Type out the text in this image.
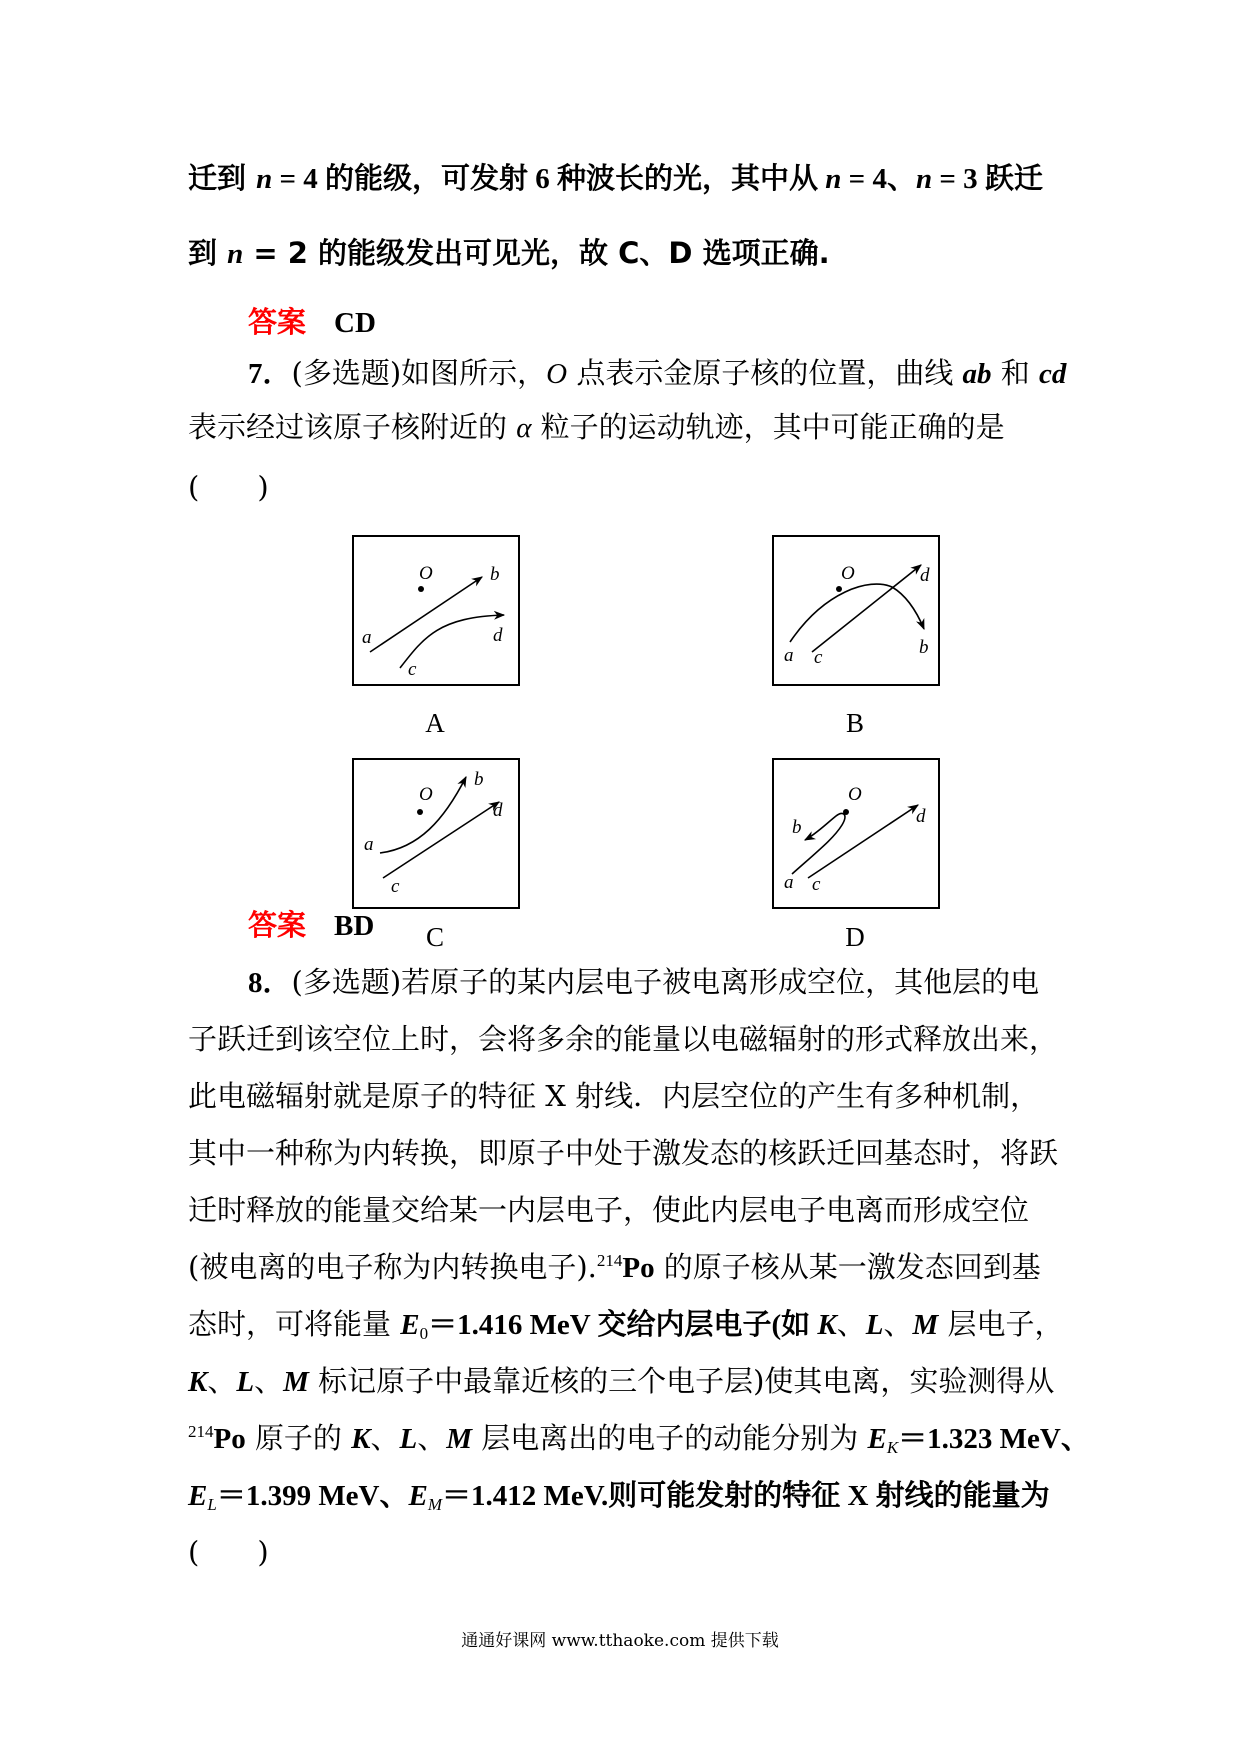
迁到 n = 4 的能级，可发射 6 种波长的光，其中从 n = 4、n = 3 跃迁
到 n = 2 的能级发出可见光，故 C、D 选项正确.
答案 CD
7．(多选题)如图所示，O 点表示金原子核的位置，曲线 ab 和 cd
表示经过该原子核附近的 α 粒子的运动轨迹，其中可能正确的是
(　　)
O
a
b
c
d
A
O
a	b
c
d
B
O
a
b
c
d
C
O
a
b
c
d
D
答案 BD
8．(多选题)若原子的某内层电子被电离形成空位，其他层的电
子跃迁到该空位上时，会将多余的能量以电磁辐射的形式释放出来，
此电磁辐射就是原子的特征 X 射线．内层空位的产生有多种机制，
其中一种称为内转换，即原子中处于激发态的核跃迁回基态时，将跃
迁时释放的能量交给某一内层电子，使此内层电子电离而形成空位
(被电离的电子称为内转换电子).$^{214}$Po 的原子核从某一激发态回到基
态时，可将能量 $E_0=1.416$ MeV 交给内层电子(如 K、L、M 层电子，
K、L、M 标记原子中最靠近核的三个电子层)使其电离，实验测得从
$^{214}$Po 原子的 K、L、M 层电离出的电子的动能分别为 $E_K=1.323$ MeV、
$E_L=1.399$ MeV、$E_M=1.412$ MeV.则可能发射的特征 X 射线的能量为
(　　)
通通好课网 www.tthaoke.com 提供下载
